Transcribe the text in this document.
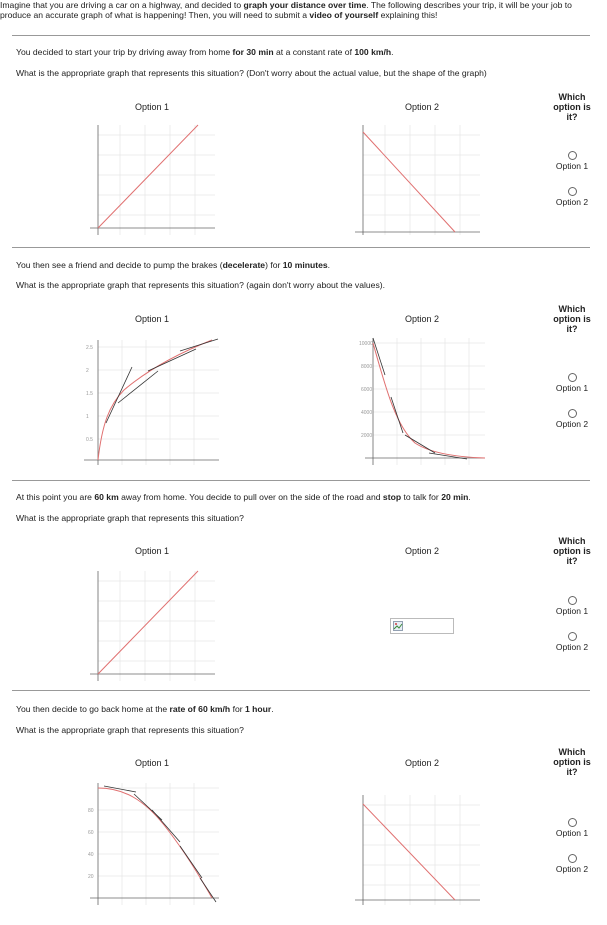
Imagine that you are driving a car on a highway, and decided to graph your distance over time. The following describes your trip, it will be your job to produce an accurate graph of what is happening! Then, you will need to submit a video of yourself explaining this!
You decided to start your trip by driving away from home for 30 min at a constant rate of 100 km/h.
What is the appropriate graph that represents this situation? (Don't worry about the actual value, but the shape of the graph)
Option 1	Option 2
Which option is it?
Option 1
Option 2
You then see a friend and decide to pump the brakes (decelerate) for 10 minutes.
What is the appropriate graph that represents this situation? (again don't worry about the values).
Option 1	Option 2
Which option is it?
Option 1
Option 2
2.5
2
1.5
1
0.5
10000
8000
6000
4000
2000
At this point you are 60 km away from home. You decide to pull over on the side of the road and stop to talk for 20 min.
What is the appropriate graph that represents this situation?
Option 1	Option 2
Which option is it?
Option 1
Option 2
You then decide to go back home at the rate of 60 km/h for 1 hour.
What is the appropriate graph that represents this situation?
Option 1	Option 2
Which option is it?
Option 1
Option 2
80
60
40
20
